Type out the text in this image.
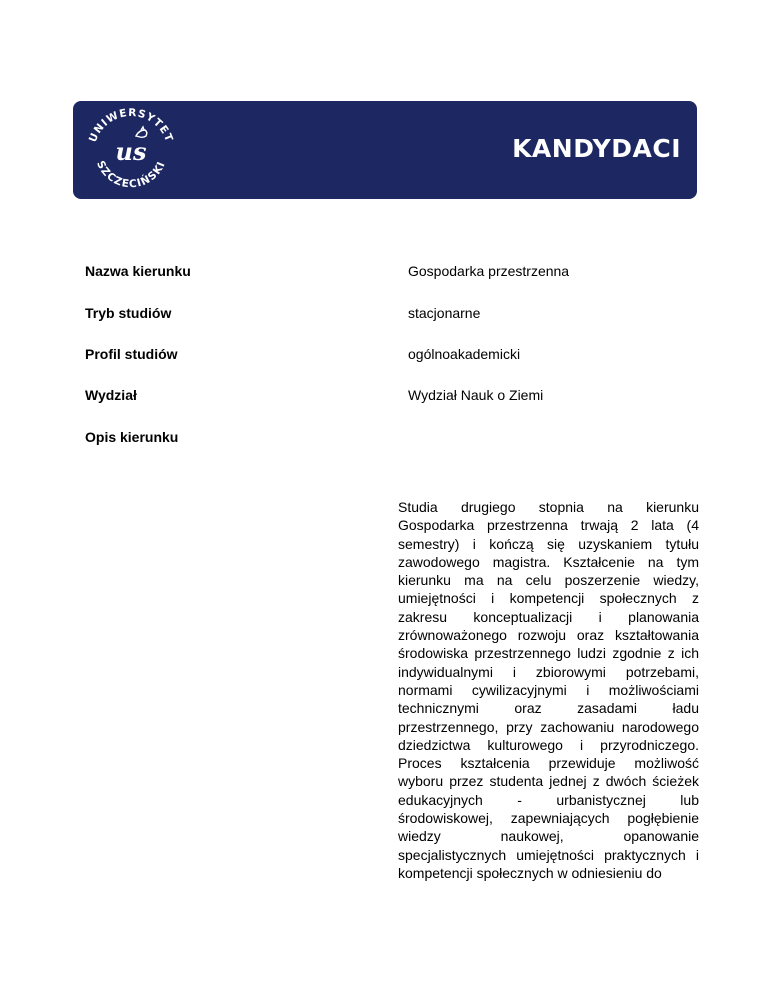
UNIWERSYTET
SZCZECIŃSKI
us	KANDYDACI
Nazwa kierunku	Gospodarka przestrzenna
Tryb studiów	stacjonarne
Profil studiów	ogólnoakademicki
Wydział	Wydział Nauk o Ziemi
Opis kierunku

Studia drugiego stopnia na kierunku Gospodarka przestrzenna trwają 2 lata (4 semestry) i kończą się uzyskaniem tytułu zawodowego magistra. Kształcenie na tym kierunku ma na celu poszerzenie wiedzy, umiejętności i kompetencji społecznych z zakresu konceptualizacji i planowania zrównoważonego rozwoju oraz kształtowania środowiska przestrzennego ludzi zgodnie z ich indywidualnymi i zbiorowymi potrzebami, normami cywilizacyjnymi i możliwościami technicznymi oraz zasadami ładu przestrzennego, przy zachowaniu narodowego dziedzictwa kulturowego i przyrodniczego. Proces kształcenia przewiduje możliwość wyboru przez studenta jednej z dwóch ścieżek edukacyjnych - urbanistycznej lub środowiskowej, zapewniających pogłębienie wiedzy naukowej, opanowanie specjalistycznych umiejętności praktycznych i kompetencji społecznych w odniesieniu do
